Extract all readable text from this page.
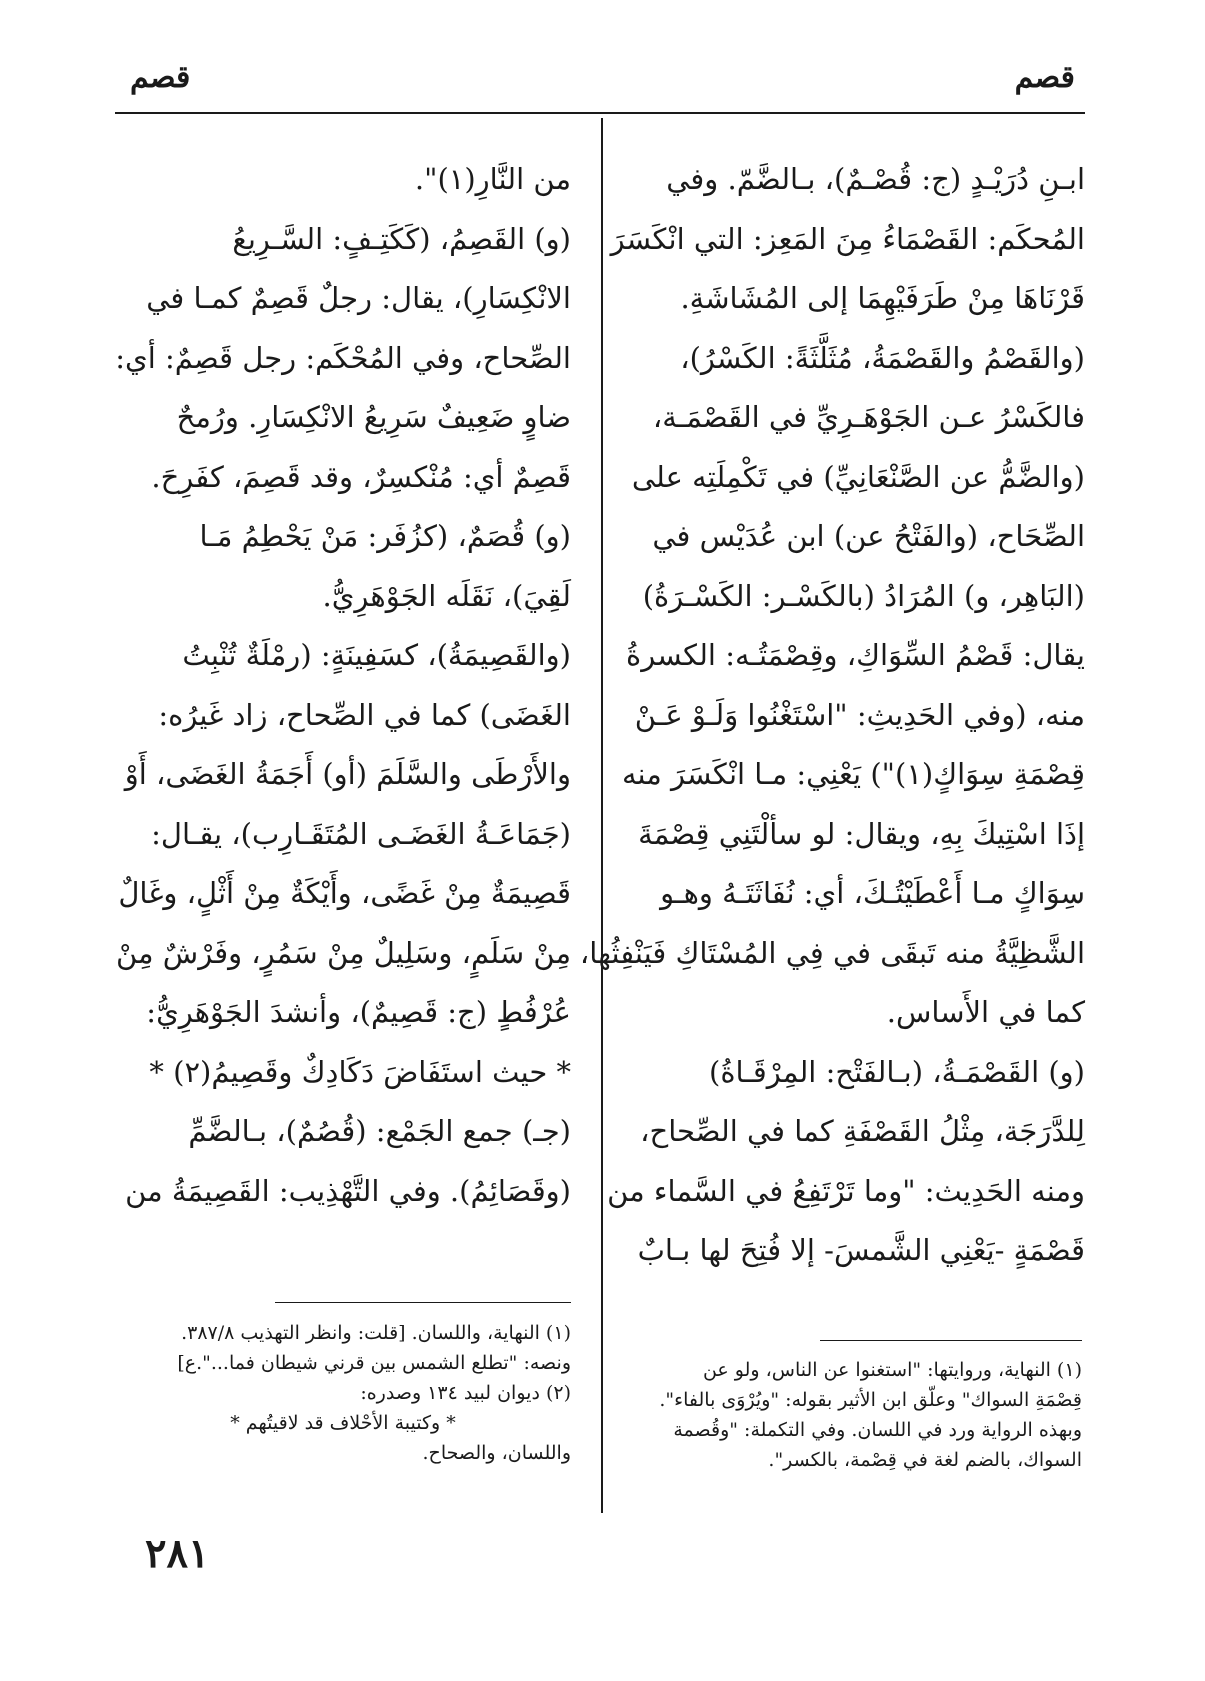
قصم
قصم
ابـنِ دُرَيْـدٍ (ج: قُصْـمٌ)، بـالضَّمّ. وفي
المُحكَم: القَصْمَاءُ مِنَ المَعِز: التي انْكَسَرَ
قَرْنَاهَا مِنْ طَرَفَيْهِمَا إلى المُشَاشَةِ.
(والقَصْمُ والقَصْمَةُ، مُثَلَّثَةً: الكَسْرُ)،
فالكَسْرُ عـن الجَوْهَـرِيِّ في القَصْمَـة،
(والضَّمُّ عن الصَّنْعَانِيِّ) في تَكْمِلَتِه على
الصِّحَاح، (والفَتْحُ عن) ابن عُدَيْس في
(البَاهِر، و) المُرَادُ (بالكَسْـر: الكَسْـرَةُ)
يقال: قَصْمُ السِّوَاكِ، وقِصْمَتُـه: الكسرةُ
منه، (وفي الحَدِيثِ: "اسْتَغْنُوا وَلَـوْ عَـنْ
قِصْمَةِ سِوَاكٍ(١)") يَعْنِي: مـا انْكَسَرَ منه
إذَا اسْتِيكَ بِهِ، ويقال: لو سألْتَنِي قِصْمَةَ
سِوَاكٍ مـا أَعْطَيْتُـكَ، أي: نُفَاثَتَـهُ وهـو
الشَّظِيَّةُ منه تَبقَى في فِي المُسْتَاكِ فَيَنْفِثُها،
كما في الأَساس.
(و) القَصْمَـةُ، (بـالفَتْح: المِرْقَـاةُ)
لِلدَّرَجَة، مِثْلُ القَصْفَةِ كما في الصِّحاح،
ومنه الحَدِيث: "وما تَرْتَفِعُ في السَّماء من
قَصْمَةٍ -يَعْنِي الشَّمسَ- إلا فُتِحَ لها بـابٌ
من النَّارِ(١)".
(و) القَصِمُ، (كَكَتِـفٍ: السَّـرِيعُ
الانْكِسَارِ)، يقال: رجلٌ قَصِمٌ كمـا في
الصِّحاح، وفي المُحْكَم: رجل قَصِمٌ: أي:
ضاوٍ ضَعِيفٌ سَرِيعُ الانْكِسَارِ. ورُمحٌ
قَصِمٌ أي: مُنْكسِرٌ، وقد قَصِمَ، كفَرِحَ.
(و) قُصَمٌ، (كزُفَر: مَنْ يَحْطِمُ مَـا
لَقِيَ)، نَقَلَه الجَوْهَرِيُّ.
(والقَصِيمَةُ)، كسَفِينَةٍ: (رمْلَةٌ تُنْبِتُ
الغَضَى) كما في الصِّحاح، زاد غَيرُه:
والأَرْطَى والسَّلَمَ (أو) أَجَمَةُ الغَضَى، أَوْ
(جَمَاعَـةُ الغَضَـى المُتَقَـارِب)، يقـال:
قَصِيمَةٌ مِنْ غَضًى، وأَيْكَةٌ مِنْ أَثْلٍ، وغَالٌ
مِنْ سَلَمٍ، وسَلِيلٌ مِنْ سَمُرٍ، وفَرْشٌ مِنْ
عُرْفُطٍ (ج: قَصِيمٌ)، وأنشدَ الجَوْهَرِيُّ:
* حيث استَفَاضَ دَكَادِكٌ وقَصِيمُ(٢) *
(جـ) جمع الجَمْع: (قُصُمٌ)، بـالضَّمِّ
(وقَصَائِمُ). وفي التَّهْذِيب: القَصِيمَةُ من
(١) النهاية، وروايتها: "استغنوا عن الناس، ولو عن
قِصْمَةِ السواك" وعلّق ابن الأثير بقوله: "ويُرْوَى بالفاء".
وبهذه الرواية ورد في اللسان. وفي التكملة: "وقُصمة
السواك، بالضم لغة في قِصْمة، بالكسر".
(١) النهاية، واللسان. [قلت: وانظر التهذيب ٣٨٧/٨.
ونصه: "تطلع الشمس بين قرني شيطان فما...".ع]
(٢) ديوان لبيد ١٣٤ وصدره:
* وكتيبة الأحْلاف قد لاقيتُهم *
واللسان، والصحاح.
٢٨١
